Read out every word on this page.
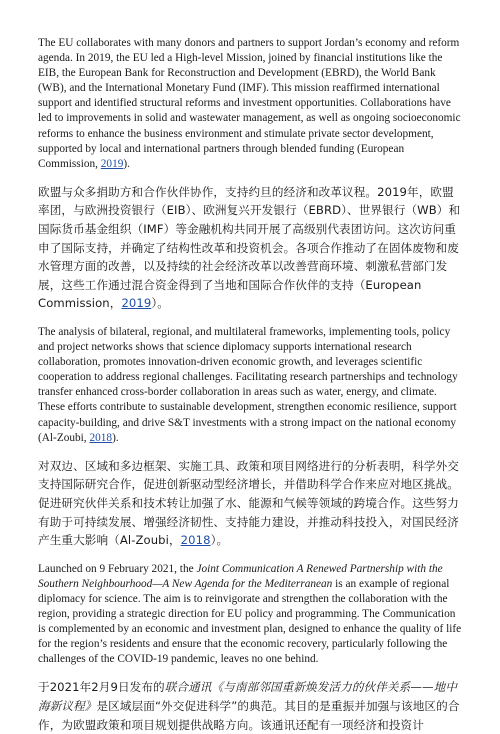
The EU collaborates with many donors and partners to support Jordan’s economy and reform agenda. In 2019, the EU led a High-level Mission, joined by financial institutions like the EIB, the European Bank for Reconstruction and Development (EBRD), the World Bank (WB), and the International Monetary Fund (IMF). This mission reaffirmed international support and identified structural reforms and investment opportunities. Collaborations have led to improvements in solid and wastewater management, as well as ongoing socioeconomic reforms to enhance the business environment and stimulate private sector development, supported by local and international partners through blended funding (European Commission, 2019).

欧盟与众多捐助方和合作伙伴协作，支持约旦的经济和改革议程。2019年，欧盟率团，与欧洲投资银行（EIB）、欧洲复兴开发银行（EBRD）、世界银行（WB）和国际货币基金组织（IMF）等金融机构共同开展了高级别代表团访问。这次访问重申了国际支持，并确定了结构性改革和投资机会。各项合作推动了在固体废物和废水管理方面的改善，以及持续的社会经济改革以改善营商环境、刺激私营部门发展，这些工作通过混合资金得到了当地和国际合作伙伴的支持（European Commission，2019）。

The analysis of bilateral, regional, and multilateral frameworks, implementing tools, policy and project networks shows that science diplomacy supports international research collaboration, promotes innovation-driven economic growth, and leverages scientific cooperation to address regional challenges. Facilitating research partnerships and technology transfer enhanced cross-border collaboration in areas such as water, energy, and climate. These efforts contribute to sustainable development, strengthen economic resilience, support capacity-building, and drive S&T investments with a strong impact on the national economy (Al-Zoubi, 2018).

对双边、区域和多边框架、实施工具、政策和项目网络进行的分析表明，科学外交支持国际研究合作，促进创新驱动型经济增长，并借助科学合作来应对地区挑战。促进研究伙伴关系和技术转让加强了水、能源和气候等领域的跨境合作。这些努力有助于可持续发展、增强经济韧性、支持能力建设，并推动科技投入，对国民经济产生重大影响（Al-Zoubi，2018）。

Launched on 9 February 2021, the Joint Communication A Renewed Partnership with the Southern Neighbourhood—A New Agenda for the Mediterranean is an example of regional diplomacy for science. The aim is to reinvigorate and strengthen the collaboration with the region, providing a strategic direction for EU policy and programming. The Communication is complemented by an economic and investment plan, designed to enhance the quality of life for the region’s residents and ensure that the economic recovery, particularly following the challenges of the COVID-19 pandemic, leaves no one behind.

于2021年2月9日发布的联合通讯《与南部邻国重新焕发活力的伙伴关系——地中海新议程》是区域层面“外交促进科学”的典范。其目的是重振并加强与该地区的合作，为欧盟政策和项目规划提供战略方向。该通讯还配有一项经济和投资计
